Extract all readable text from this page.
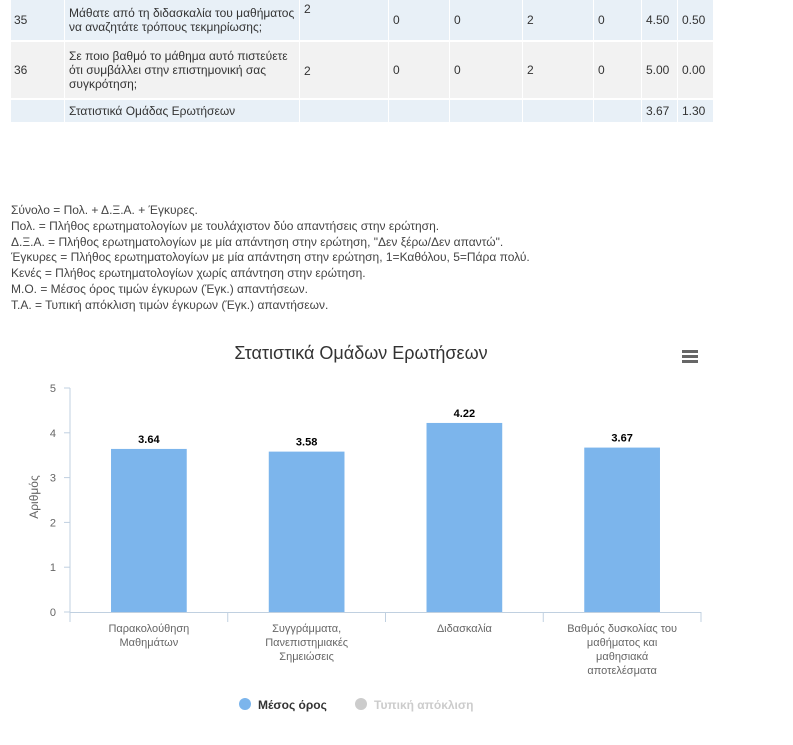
35	Μάθατε από τη διδασκαλία του μαθήματος να αναζητάτε τρόπους τεκμηρίωσης;	2	0	0	2	0	4.50	0.50
36	Σε ποιο βαθμό το μάθημα αυτό πιστεύετε ότι συμβάλλει στην επιστημονική σας συγκρότηση;	2	0	0	2	0	5.00	0.00
	Στατιστικά Ομάδας Ερωτήσεων						3.67	1.30
Σύνολο = Πολ. + Δ.Ξ.Α. + Έγκυρες.
Πολ. = Πλήθος ερωτηματολογίων με τουλάχιστον δύο απαντήσεις στην ερώτηση.
Δ.Ξ.Α. = Πλήθος ερωτηματολογίων με μία απάντηση στην ερώτηση, "Δεν ξέρω/Δεν απαντώ".
Έγκυρες = Πλήθος ερωτηματολογίων με μία απάντηση στην ερώτηση, 1=Καθόλου, 5=Πάρα πολύ.
Κενές = Πλήθος ερωτηματολογίων χωρίς απάντηση στην ερώτηση.
Μ.Ο. = Μέσος όρος τιμών έγκυρων (Έγκ.) απαντήσεων.
Τ.Α. = Τυπική απόκλιση τιμών έγκυρων (Έγκ.) απαντήσεων.
Στατιστικά Ομάδων Ερωτήσεων
Αριθμός
0
1
2
3
4
5
3.64	3.58
4.22
3.67
Παρακολούθηση
Μαθημάτων
Συγγράμματα,
Πανεπιστημιακές
Σημειώσεις
Διδασκαλία	Βαθμός δυσκολίας του
μαθήματος και
μαθησιακά
αποτελέσματα
Μέσος όρος	Τυπική απόκλιση
